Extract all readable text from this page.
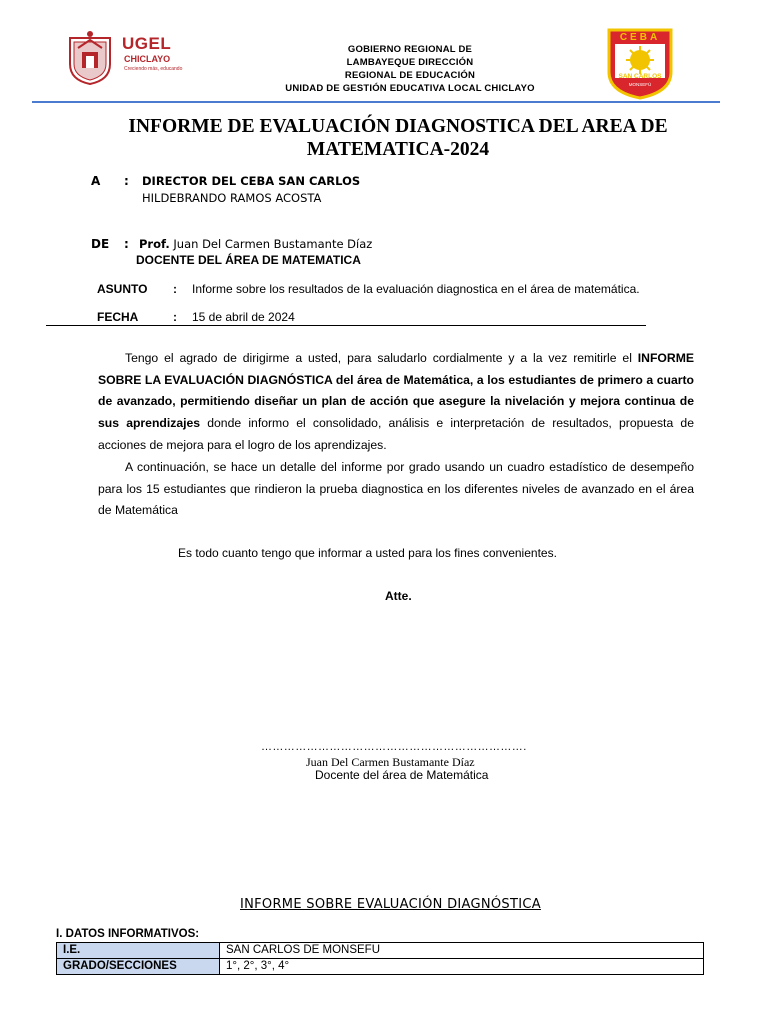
UGEL
CHICLAYO
Creciendo más, educando
GOBIERNO REGIONAL DE
LAMBAYEQUE DIRECCIÓN
REGIONAL DE EDUCACIÓN
UNIDAD DE GESTIÓN EDUCATIVA LOCAL CHICLAYO
CEBA
SAN CARLOS
MONSEFÚ
INFORME DE EVALUACIÓN DIAGNOSTICA DEL AREA DE MATEMATICA-2024
A : DIRECTOR DEL CEBA SAN CARLOS
HILDEBRANDO RAMOS ACOSTA
DE : Prof. Juan Del Carmen Bustamante Díaz
DOCENTE DEL ÁREA DE MATEMATICA
ASUNTO : Informe sobre los resultados de la evaluación diagnostica en el área de matemática.
FECHA	: 15 de abril de 2024
Tengo el agrado de dirigirme a usted, para saludarlo cordialmente y a la vez remitirle el INFORME SOBRE LA EVALUACIÓN DIAGNÓSTICA del área de Matemática, a los estudiantes de primero a cuarto de avanzado, permitiendo diseñar un plan de acción que asegure la nivelación y mejora continua de sus aprendizajes donde informo el consolidado, análisis e interpretación de resultados, propuesta de acciones de mejora para el logro de los aprendizajes.
A continuación, se hace un detalle del informe por grado usando un cuadro estadístico de desempeño para los 15 estudiantes que rindieron la prueba diagnostica en los diferentes niveles de avanzado en el área de Matemática
Es todo cuanto tengo que informar a usted para los fines convenientes.
Atte.
…………………………………………………………….
Juan Del Carmen Bustamante Díaz
Docente del área de Matemática
INFORME SOBRE EVALUACIÓN DIAGNÓSTICA
I. DATOS INFORMATIVOS:
I.E.	SAN CARLOS DE MONSEFU
GRADO/SECCIONES	1°, 2°, 3°, 4°
